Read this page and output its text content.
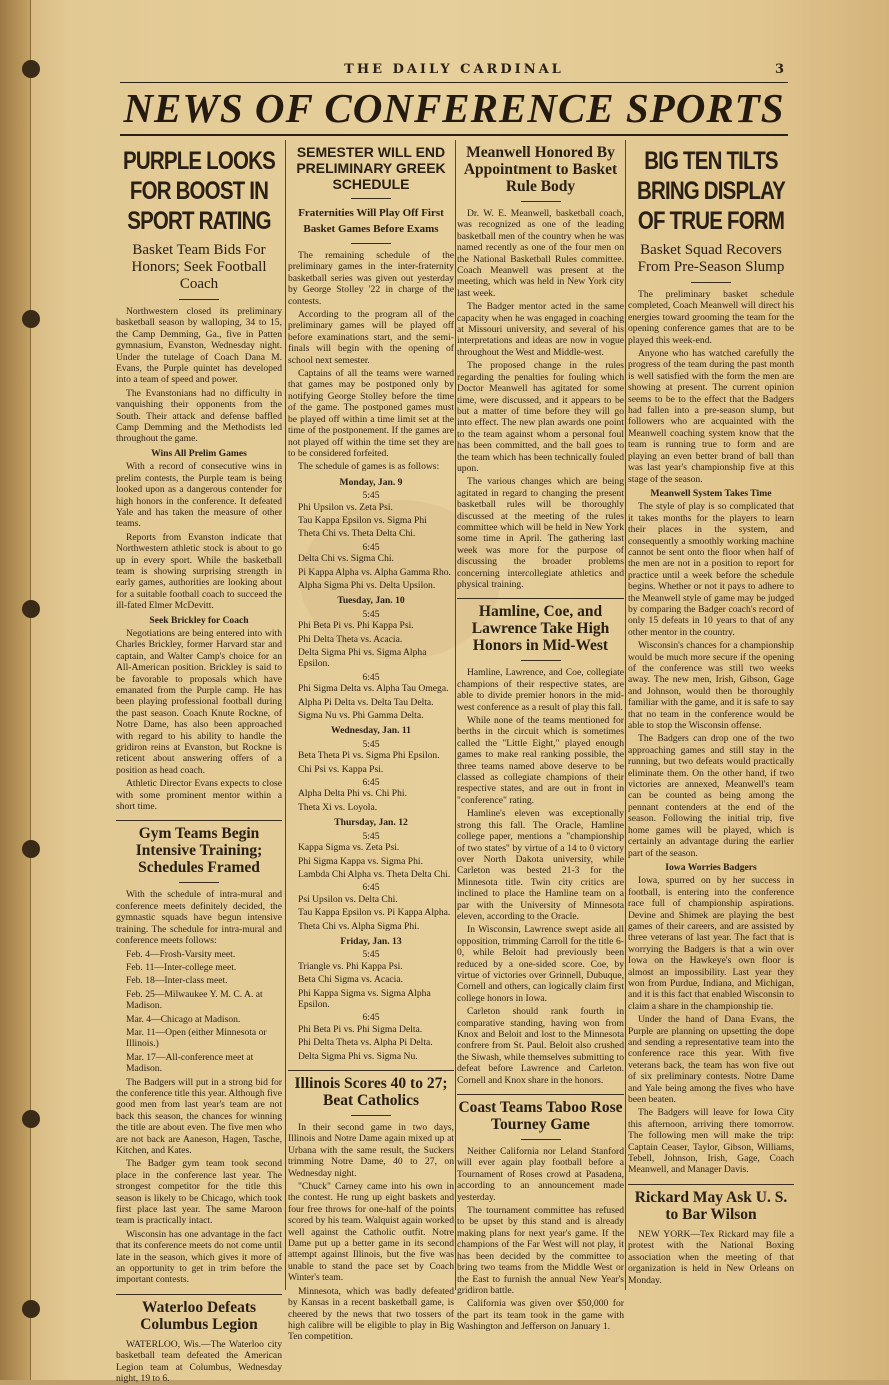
THE DAILY CARDINAL	3
NEWS OF CONFERENCE SPORTS
PURPLE LOOKS FOR BOOST IN SPORT RATING
Basket Team Bids For Honors; Seek Football Coach

Northwestern closed its preliminary basketball season by walloping, 34 to 15, the Camp Demming, Ga., five in Patten gymnasium, Evanston, Wednesday night. Under the tutelage of Coach Dana M. Evans, the Purple quintet has developed into a team of speed and power.

The Evanstonians had no difficulty in vanquishing their opponents from the South. Their attack and defense baffled Camp Demming and the Methodists led throughout the game.

Wins All Prelim Games

With a record of consecutive wins in prelim contests, the Purple team is being looked upon as a dangerous contender for high honors in the conference. It defeated Yale and has taken the measure of other teams.

Reports from Evanston indicate that Northwestern athletic stock is about to go up in every sport. While the basketball team is showing surprising strength in early games, authorities are looking about for a suitable football coach to succeed the ill-fated Elmer McDevitt.

Seek Brickley for Coach

Negotiations are being entered into with Charles Brickley, former Harvard star and captain, and Walter Camp's choice for an All-American position. Brickley is said to be favorable to proposals which have emanated from the Purple camp. He has been playing professional football during the past season. Coach Knute Rockne, of Notre Dame, has also been approached with regard to his ability to handle the gridiron reins at Evanston, but Rockne is reticent about answering offers of a position as head coach.

Athletic Director Evans expects to close with some prominent mentor within a short time.

Gym Teams Begin Intensive Training; Schedules Framed

With the schedule of intra-mural and conference meets definitely decided, the gymnastic squads have begun intensive training. The schedule for intra-mural and conference meets follows:

Feb. 4—Frosh-Varsity meet.

Feb. 11—Inter-college meet.

Feb. 18—Inter-class meet.

Feb. 25—Milwaukee Y. M. C. A. at Madison.

Mar. 4—Chicago at Madison.

Mar. 11—Open (either Minnesota or Illinois.)

Mar. 17—All-conference meet at Madison.

The Badgers will put in a strong bid for the conference title this year. Although five good men from last year's team are not back this season, the chances for winning the title are about even. The five men who are not back are Aaneson, Hagen, Tasche, Kitchen, and Kates.

The Badger gym team took second place in the conference last year. The strongest competitor for the title this season is likely to be Chicago, which took first place last year. The same Maroon team is practically intact.

Wisconsin has one advantage in the fact that its conference meets do not come until late in the season, which gives it more of an opportunity to get in trim before the important contests.

Waterloo Defeats Columbus Legion

WATERLOO, Wis.—The Waterloo city basketball team defeated the American Legion team at Columbus, Wednesday night, 19 to 6.

SEMESTER WILL END PRELIMINARY GREEK SCHEDULE
Fraternities Will Play Off First Basket Games Before Exams

The remaining schedule of the preliminary games in the inter-fraternity basketball series was given out yesterday by George Stolley '22 in charge of the contests.

According to the program all of the preliminary games will be played off before examinations start, and the semi-finals will begin with the opening of school next semester.

Captains of all the teams were warned that games may be postponed only by notifying George Stolley before the time of the game. The postponed games must be played off within a time limit set at the time of the postponement. If the games are not played off within the time set they are to be considered forfeited.

The schedule of games is as follows:

Monday, Jan. 9
5:45

Phi Upsilon vs. Zeta Psi.

Tau Kappa Epsilon vs. Sigma Phi

Theta Chi vs. Theta Delta Chi.

6:45

Delta Chi vs. Sigma Chi.

Pi Kappa Alpha vs. Alpha Gamma Rho.

Alpha Sigma Phi vs. Delta Upsilon.

Tuesday, Jan. 10
5:45

Phi Beta Pi vs. Phi Kappa Psi.

Phi Delta Theta vs. Acacia.

Delta Sigma Phi vs. Sigma Alpha Epsilon.

6:45

Phi Sigma Delta vs. Alpha Tau Omega.

Alpha Pi Delta vs. Delta Tau Delta.

Sigma Nu vs. Phi Gamma Delta.

Wednesday, Jan. 11
5:45

Beta Theta Pi vs. Sigma Phi Epsilon.

Chi Psi vs. Kappa Psi.

6:45

Alpha Delta Phi vs. Chi Phi.

Theta Xi vs. Loyola.

Thursday, Jan. 12
5:45

Kappa Sigma vs. Zeta Psi.

Phi Sigma Kappa vs. Sigma Phi.

Lambda Chi Alpha vs. Theta Delta Chi.

6:45

Psi Upsilon vs. Delta Chi.

Tau Kappa Epsilon vs. Pi Kappa Alpha.

Theta Chi vs. Alpha Sigma Phi.

Friday, Jan. 13
5:45

Triangle vs. Phi Kappa Psi.

Beta Chi Sigma vs. Acacia.

Phi Kappa Sigma vs. Sigma Alpha Epsilon.

6:45

Phi Beta Pi vs. Phi Sigma Delta.

Phi Delta Theta vs. Alpha Pi Delta.

Delta Sigma Phi vs. Sigma Nu.

Illinois Scores 40 to 27; Beat Catholics

In their second game in two days, Illinois and Notre Dame again mixed up at Urbana with the same result, the Suckers trimming Notre Dame, 40 to 27, on Wednesday night.

"Chuck" Carney came into his own in the contest. He rung up eight baskets and four free throws for one-half of the points scored by his team. Walquist again worked well against the Catholic outfit. Notre Dame put up a better game in its second attempt against Illinois, but the five was unable to stand the pace set by Coach Winter's team.

Minnesota, which was badly defeated by Kansas in a recent basketball game, is cheered by the news that two tossers of high calibre will be eligible to play in Big Ten competition.

Meanwell Honored By Appointment to Basket Rule Body

Dr. W. E. Meanwell, basketball coach, was recognized as one of the leading basketball men of the country when he was named recently as one of the four men on the National Basketball Rules committee. Coach Meanwell was present at the meeting, which was held in New York city last week.

The Badger mentor acted in the same capacity when he was engaged in coaching at Missouri university, and several of his interpretations and ideas are now in vogue throughout the West and Middle-west.

The proposed change in the rules regarding the penalties for fouling which Doctor Meanwell has agitated for some time, were discussed, and it appears to be but a matter of time before they will go into effect. The new plan awards one point to the team against whom a personal foul has been committed, and the ball goes to the team which has been technically fouled upon.

The various changes which are being agitated in regard to changing the present basketball rules will be thoroughly discussed at the meeting of the rules committee which will be held in New York some time in April. The gathering last week was more for the purpose of discussing the broader problems concerning intercollegiate athletics and physical training.

Hamline, Coe, and Lawrence Take High Honors in Mid-West

Hamline, Lawrence, and Coe, collegiate champions of their respective states, are able to divide premier honors in the mid-west conference as a result of play this fall.

While none of the teams mentioned for berths in the circuit which is sometimes called the "Little Eight," played enough games to make real ranking possible, the three teams named above deserve to be classed as collegiate champions of their respective states, and are out in front in "conference" rating.

Hamline's eleven was exceptionally strong this fall. The Oracle, Hamline college paper, mentions a "championship of two states" by virtue of a 14 to 0 victory over North Dakota university, while Carleton was bested 21-3 for the Minnesota title. Twin city critics are inclined to place the Hamline team on a par with the University of Minnesota eleven, according to the Oracle.

In Wisconsin, Lawrence swept aside all opposition, trimming Carroll for the title 6-0, while Beloit had previously been reduced by a one-sided score. Coe, by virtue of victories over Grinnell, Dubuque, Cornell and others, can logically claim first college honors in Iowa.

Carleton should rank fourth in comparative standing, having won from Knox and Beloit and lost to the Minnesota confrere from St. Paul. Beloit also crushed the Siwash, while themselves submitting to defeat before Lawrence and Carleton. Cornell and Knox share in the honors.

Coast Teams Taboo Rose Tourney Game

Neither California nor Leland Stanford will ever again play football before a Tournament of Roses crowd at Pasadena, according to an announcement made yesterday.

The tournament committee has refused to be upset by this stand and is already making plans for next year's game. If the champions of the Far West will not play, it has been decided by the committee to bring two teams from the Middle West or the East to furnish the annual New Year's gridiron battle.

California was given over $50,000 for the part its team took in the game with Washington and Jefferson on January 1.

BIG TEN TILTS BRING DISPLAY OF TRUE FORM
Basket Squad Recovers From Pre-Season Slump

The preliminary basket schedule completed, Coach Meanwell will direct his energies toward grooming the team for the opening conference games that are to be played this week-end.

Anyone who has watched carefully the progress of the team during the past month is well satisfied with the form the men are showing at present. The current opinion seems to be to the effect that the Badgers had fallen into a pre-season slump, but followers who are acquainted with the Meanwell coaching system know that the team is running true to form and are playing an even better brand of ball than was last year's championship five at this stage of the season.

Meanwell System Takes Time

The style of play is so complicated that it takes months for the players to learn their places in the system, and consequently a smoothly working machine cannot be sent onto the floor when half of the men are not in a position to report for practice until a week before the schedule begins. Whether or not it pays to adhere to the Meanwell style of game may be judged by comparing the Badger coach's record of only 15 defeats in 10 years to that of any other mentor in the country.

Wisconsin's chances for a championship would be much more secure if the opening of the conference was still two weeks away. The new men, Irish, Gibson, Gage and Johnson, would then be thoroughly familiar with the game, and it is safe to say that no team in the conference would be able to stop the Wisconsin offense.

The Badgers can drop one of the two approaching games and still stay in the running, but two defeats would practically eliminate them. On the other hand, if two victories are annexed, Meanwell's team can be counted as being among the pennant contenders at the end of the season. Following the initial trip, five home games will be played, which is certainly an advantage during the earlier part of the season.

Iowa Worries Badgers

Iowa, spurred on by her success in football, is entering into the conference race full of championship aspirations. Devine and Shimek are playing the best games of their careers, and are assisted by three veterans of last year. The fact that is worrying the Badgers is that a win over Iowa on the Hawkeye's own floor is almost an impossibility. Last year they won from Purdue, Indiana, and Michigan, and it is this fact that enabled Wisconsin to claim a share in the championship tie.

Under the hand of Dana Evans, the Purple are planning on upsetting the dope and sending a representative team into the conference race this year. With five veterans back, the team has won five out of six preliminary contests. Notre Dame and Yale being among the fives who have been beaten.

The Badgers will leave for Iowa City this afternoon, arriving there tomorrow. The following men will make the trip: Captain Ceaser, Taylor, Gibson, Williams, Tebell, Johnson, Irish, Gage, Coach Meanwell, and Manager Davis.

Rickard May Ask U. S. to Bar Wilson

NEW YORK—Tex Rickard may file a protest with the National Boxing association when the meeting of that organization is held in New Orleans on Monday.
